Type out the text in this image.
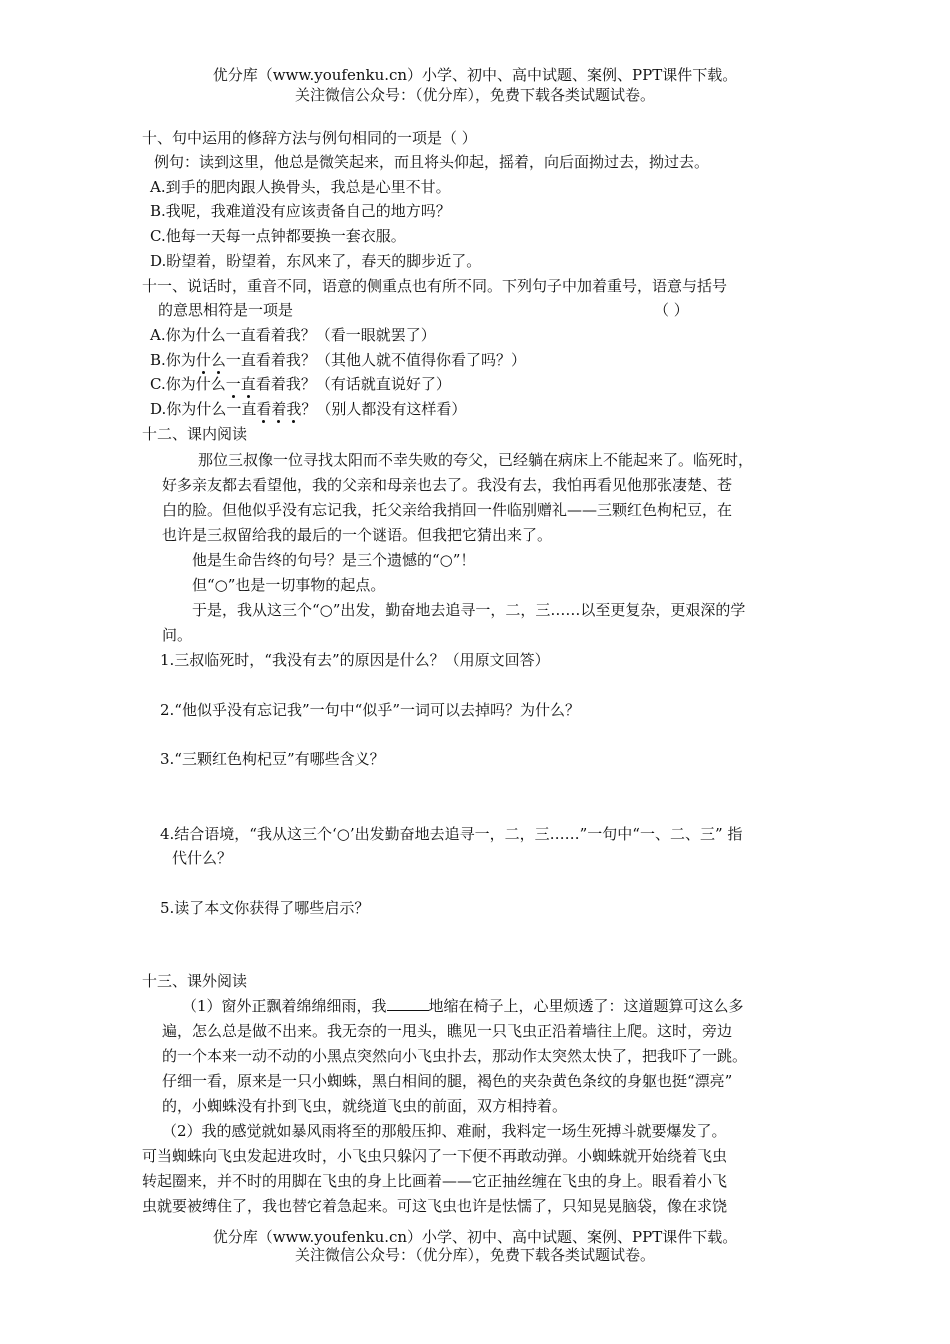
优分库（www.youfenku.cn）小学、初中、高中试题、案例、PPT课件下载。
关注微信公众号：（优分库），免费下载各类试题试卷。
十、句中运用的修辞方法与例句相同的一项是（ ）
例句：读到这里，他总是微笑起来，而且将头仰起，摇着，向后面拗过去，拗过去。
A.到手的肥肉跟人换骨头，我总是心里不甘。
B.我呢，我难道没有应该责备自己的地方吗？
C.他每一天每一点钟都要换一套衣服。
D.盼望着，盼望着，东风来了，春天的脚步近了。
十一、说话时，重音不同，语意的侧重点也有所不同。下列句子中加着重号，语意与括号
的意思相符是一项是	（ ）
A.你为什么一直看着我？（看一眼就罢了）
B.你为什么一直看着我？（其他人就不值得你看了吗？）
C.你为什么一直看着我？（有话就直说好了）
D.你为什么一直看着我？（别人都没有这样看）
十二、课内阅读
那位三叔像一位寻找太阳而不幸失败的夸父，已经躺在病床上不能起来了。临死时，
好多亲友都去看望他，我的父亲和母亲也去了。我没有去，我怕再看见他那张凄楚、苍
白的脸。但他似乎没有忘记我，托父亲给我捎回一件临别赠礼——三颗红色枸杞豆，在
也许是三叔留给我的最后的一个谜语。但我把它猜出来了。
他是生命告终的句号？是三个遗憾的“○”！
但“○”也是一切事物的起点。
于是，我从这三个“○”出发，勤奋地去追寻一，二，三……以至更复杂，更艰深的学
问。
1.三叔临死时，“我没有去”的原因是什么？（用原文回答）
2.“他似乎没有忘记我”一句中“似乎”一词可以去掉吗？为什么？
3.“三颗红色枸杞豆”有哪些含义？
4.结合语境，“我从这三个‘○’出发勤奋地去追寻一，二，三……”一句中“一、二、三” 指
代什么？
5.读了本文你获得了哪些启示？
十三、课外阅读
（1）窗外正飘着绵绵细雨，我	地缩在椅子上，心里烦透了：这道题算可这么多
遍，怎么总是做不出来。我无奈的一甩头，瞧见一只飞虫正沿着墙往上爬。这时，旁边
的一个本来一动不动的小黑点突然向小飞虫扑去，那动作太突然太快了，把我吓了一跳。
仔细一看，原来是一只小蜘蛛，黑白相间的腿，褐色的夹杂黄色条纹的身躯也挺“漂亮”
的，小蜘蛛没有扑到飞虫，就绕道飞虫的前面，双方相持着。
（2）我的感觉就如暴风雨将至的那般压抑、难耐，我料定一场生死搏斗就要爆发了。
可当蜘蛛向飞虫发起进攻时，小飞虫只躲闪了一下便不再敢动弹。小蜘蛛就开始绕着飞虫
转起圈来，并不时的用脚在飞虫的身上比画着——它正抽丝缠在飞虫的身上。眼看着小飞
虫就要被缚住了，我也替它着急起来。可这飞虫也许是怯懦了，只知晃晃脑袋，像在求饶
优分库（www.youfenku.cn）小学、初中、高中试题、案例、PPT课件下载。
关注微信公众号：（优分库），免费下载各类试题试卷。
